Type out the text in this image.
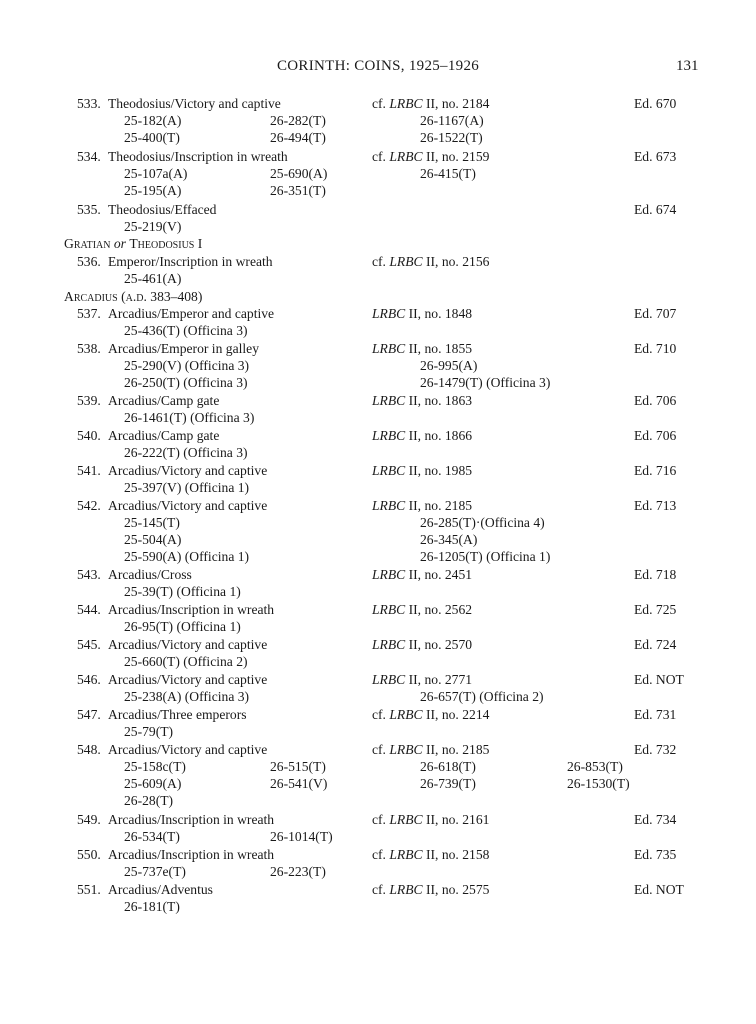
CORINTH: COINS, 1925–1926	131
533. Theodosius/Victory and captive	cf. LRBC II, no. 2184	Ed. 670
25-182(A)	26-282(T)	26-1167(A)
25-400(T)	26-494(T)	26-1522(T)
534. Theodosius/Inscription in wreath	cf. LRBC II, no. 2159	Ed. 673
25-107a(A)	25-690(A)	26-415(T)
25-195(A)	26-351(T)
535. Theodosius/Effaced	Ed. 674
25-219(V)
Gratian or Theodosius I
536. Emperor/Inscription in wreath	cf. LRBC II, no. 2156
25-461(A)
Arcadius (a.d. 383–408)
537. Arcadius/Emperor and captive	LRBC II, no. 1848	Ed. 707
25-436(T) (Officina 3)
538. Arcadius/Emperor in galley	LRBC II, no. 1855	Ed. 710
25-290(V) (Officina 3)	26-995(A)
26-250(T) (Officina 3)	26-1479(T) (Officina 3)
539. Arcadius/Camp gate	LRBC II, no. 1863	Ed. 706
26-1461(T) (Officina 3)
540. Arcadius/Camp gate	LRBC II, no. 1866	Ed. 706
26-222(T) (Officina 3)
541. Arcadius/Victory and captive	LRBC II, no. 1985	Ed. 716
25-397(V) (Officina 1)
542. Arcadius/Victory and captive	LRBC II, no. 2185	Ed. 713
25-145(T)	26-285(T)·(Officina 4)
25-504(A)	26-345(A)
25-590(A) (Officina 1)	26-1205(T) (Officina 1)
543. Arcadius/Cross	LRBC II, no. 2451	Ed. 718
25-39(T) (Officina 1)
544. Arcadius/Inscription in wreath	LRBC II, no. 2562	Ed. 725
26-95(T) (Officina 1)
545. Arcadius/Victory and captive	LRBC II, no. 2570	Ed. 724
25-660(T) (Officina 2)
546. Arcadius/Victory and captive	LRBC II, no. 2771	Ed. NOT
25-238(A) (Officina 3)	26-657(T) (Officina 2)
547. Arcadius/Three emperors	cf. LRBC II, no. 2214	Ed. 731
25-79(T)
548. Arcadius/Victory and captive	cf. LRBC II, no. 2185	Ed. 732
25-158c(T)	26-515(T)	26-618(T)	26-853(T)
25-609(A)	26-541(V)	26-739(T)	26-1530(T)
26-28(T)
549. Arcadius/Inscription in wreath	cf. LRBC II, no. 2161	Ed. 734
26-534(T)	26-1014(T)
550. Arcadius/Inscription in wreath	cf. LRBC II, no. 2158	Ed. 735
25-737e(T)	26-223(T)
551. Arcadius/Adventus	cf. LRBC II, no. 2575	Ed. NOT
26-181(T)
